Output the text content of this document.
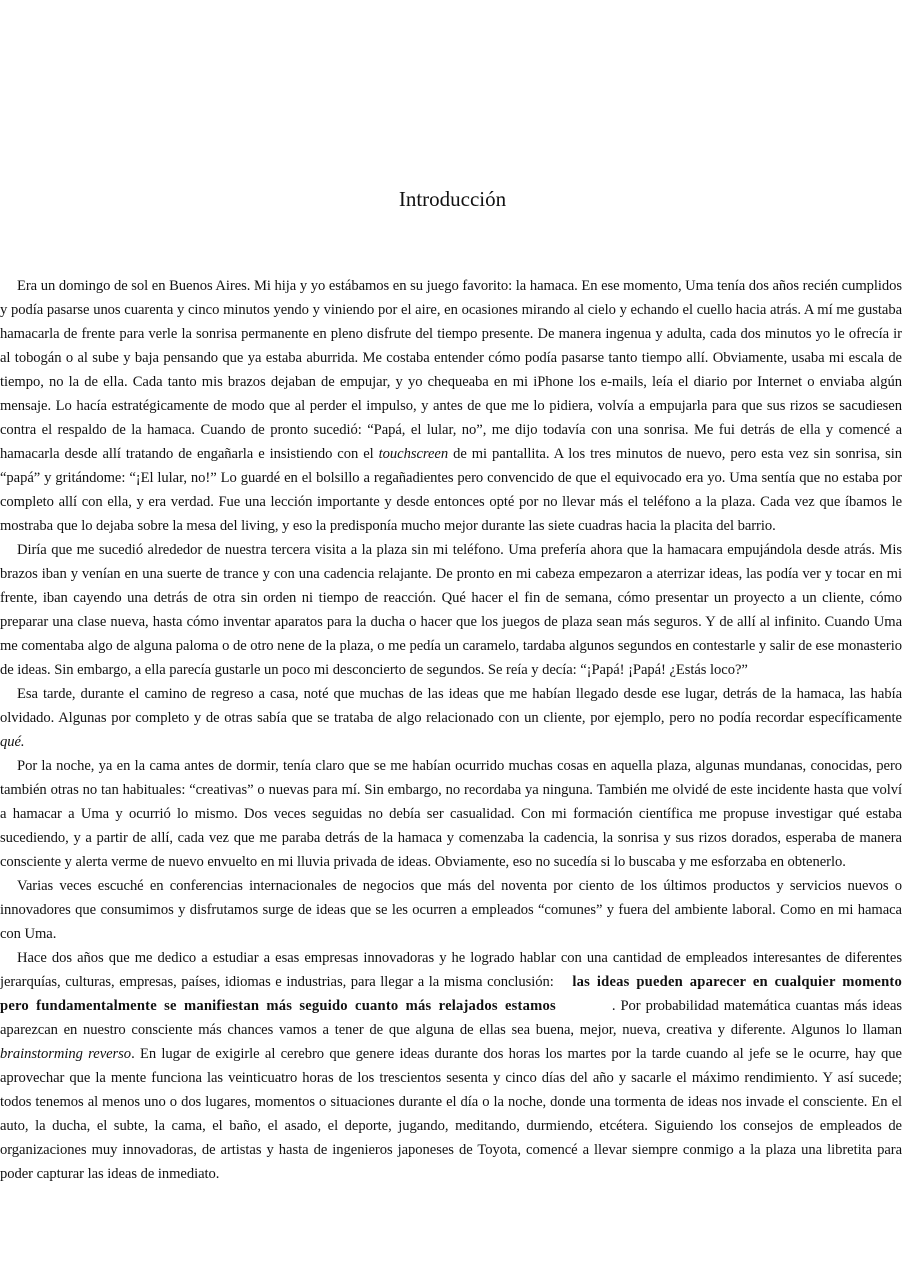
Introducción

Era un domingo de sol en Buenos Aires. Mi hija y yo estábamos en su juego favorito: la hamaca. En ese momento, Uma tenía dos años recién cumplidos y podía pasarse unos cuarenta y cinco minutos yendo y viniendo por el aire, en ocasiones mirando al cielo y echando el cuello hacia atrás. A mí me gustaba hamacarla de frente para verle la sonrisa permanente en pleno disfrute del tiempo presente. De manera ingenua y adulta, cada dos minutos yo le ofrecía ir al tobogán o al sube y baja pensando que ya estaba aburrida. Me costaba entender cómo podía pasarse tanto tiempo allí. Obviamente, usaba mi escala de tiempo, no la de ella. Cada tanto mis brazos dejaban de empujar, y yo chequeaba en mi iPhone los e-mails, leía el diario por Internet o enviaba algún mensaje. Lo hacía estratégicamente de modo que al perder el impulso, y antes de que me lo pidiera, volvía a empujarla para que sus rizos se sacudiesen contra el respaldo de la hamaca. Cuando de pronto sucedió: “Papá, el lular, no”, me dijo todavía con una sonrisa. Me fui detrás de ella y comencé a hamacarla desde allí tratando de engañarla e insistiendo con el touchscreen de mi pantallita. A los tres minutos de nuevo, pero esta vez sin sonrisa, sin “papá” y gritándome: “¡El lular, no!” Lo guardé en el bolsillo a regañadientes pero convencido de que el equivocado era yo. Uma sentía que no estaba por completo allí con ella, y era verdad. Fue una lección importante y desde entonces opté por no llevar más el teléfono a la plaza. Cada vez que íbamos le mostraba que lo dejaba sobre la mesa del living, y eso la predisponía mucho mejor durante las siete cuadras hacia la placita del barrio.

Diría que me sucedió alrededor de nuestra tercera visita a la plaza sin mi teléfono. Uma prefería ahora que la hamacara empujándola desde atrás. Mis brazos iban y venían en una suerte de trance y con una cadencia relajante. De pronto en mi cabeza empezaron a aterrizar ideas, las podía ver y tocar en mi frente, iban cayendo una detrás de otra sin orden ni tiempo de reacción. Qué hacer el fin de semana, cómo presentar un proyecto a un cliente, cómo preparar una clase nueva, hasta cómo inventar aparatos para la ducha o hacer que los juegos de plaza sean más seguros. Y de allí al infinito. Cuando Uma me comentaba algo de alguna paloma o de otro nene de la plaza, o me pedía un caramelo, tardaba algunos segundos en contestarle y salir de ese monasterio de ideas. Sin embargo, a ella parecía gustarle un poco mi desconcierto de segundos. Se reía y decía: “¡Papá! ¡Papá! ¿Estás loco?”

Esa tarde, durante el camino de regreso a casa, noté que muchas de las ideas que me habían llegado desde ese lugar, detrás de la hamaca, las había olvidado. Algunas por completo y de otras sabía que se trataba de algo relacionado con un cliente, por ejemplo, pero no podía recordar específicamente qué.

Por la noche, ya en la cama antes de dormir, tenía claro que se me habían ocurrido muchas cosas en aquella plaza, algunas mundanas, conocidas, pero también otras no tan habituales: “creativas” o nuevas para mí. Sin embargo, no recordaba ya ninguna. También me olvidé de este incidente hasta que volví a hamacar a Uma y ocurrió lo mismo. Dos veces seguidas no debía ser casualidad. Con mi formación científica me propuse investigar qué estaba sucediendo, y a partir de allí, cada vez que me paraba detrás de la hamaca y comenzaba la cadencia, la sonrisa y sus rizos dorados, esperaba de manera consciente y alerta verme de nuevo envuelto en mi lluvia privada de ideas. Obviamente, eso no sucedía si lo buscaba y me esforzaba en obtenerlo.

Varias veces escuché en conferencias internacionales de negocios que más del noventa por ciento de los últimos productos y servicios nuevos o innovadores que consumimos y disfrutamos surge de ideas que se les ocurren a empleados “comunes” y fuera del ambiente laboral. Como en mi hamaca con Uma.

Hace dos años que me dedico a estudiar a esas empresas innovadoras y he logrado hablar con una cantidad de empleados interesantes de diferentes jerarquías, culturas, empresas, países, idiomas e industrias, para llegar a la misma conclusión: las ideas pueden aparecer en cualquier momento pero fundamentalmente se manifiestan más seguido cuanto más relajados estamos	. Por probabilidad matemática cuantas más ideas aparezcan en nuestro consciente más chances vamos a tener de que alguna de ellas sea buena, mejor, nueva, creativa y diferente. Algunos lo llaman brainstorming reverso. En lugar de exigirle al cerebro que genere ideas durante dos horas los martes por la tarde cuando al jefe se le ocurre, hay que aprovechar que la mente funciona las veinticuatro horas de los trescientos sesenta y cinco días del año y sacarle el máximo rendimiento. Y así sucede; todos tenemos al menos uno o dos lugares, momentos o situaciones durante el día o la noche, donde una tormenta de ideas nos invade el consciente. En el auto, la ducha, el subte, la cama, el baño, el asado, el deporte, jugando, meditando, durmiendo, etcétera. Siguiendo los consejos de empleados de organizaciones muy innovadoras, de artistas y hasta de ingenieros japoneses de Toyota, comencé a llevar siempre conmigo a la plaza una libretita para poder capturar las ideas de inmediato.
